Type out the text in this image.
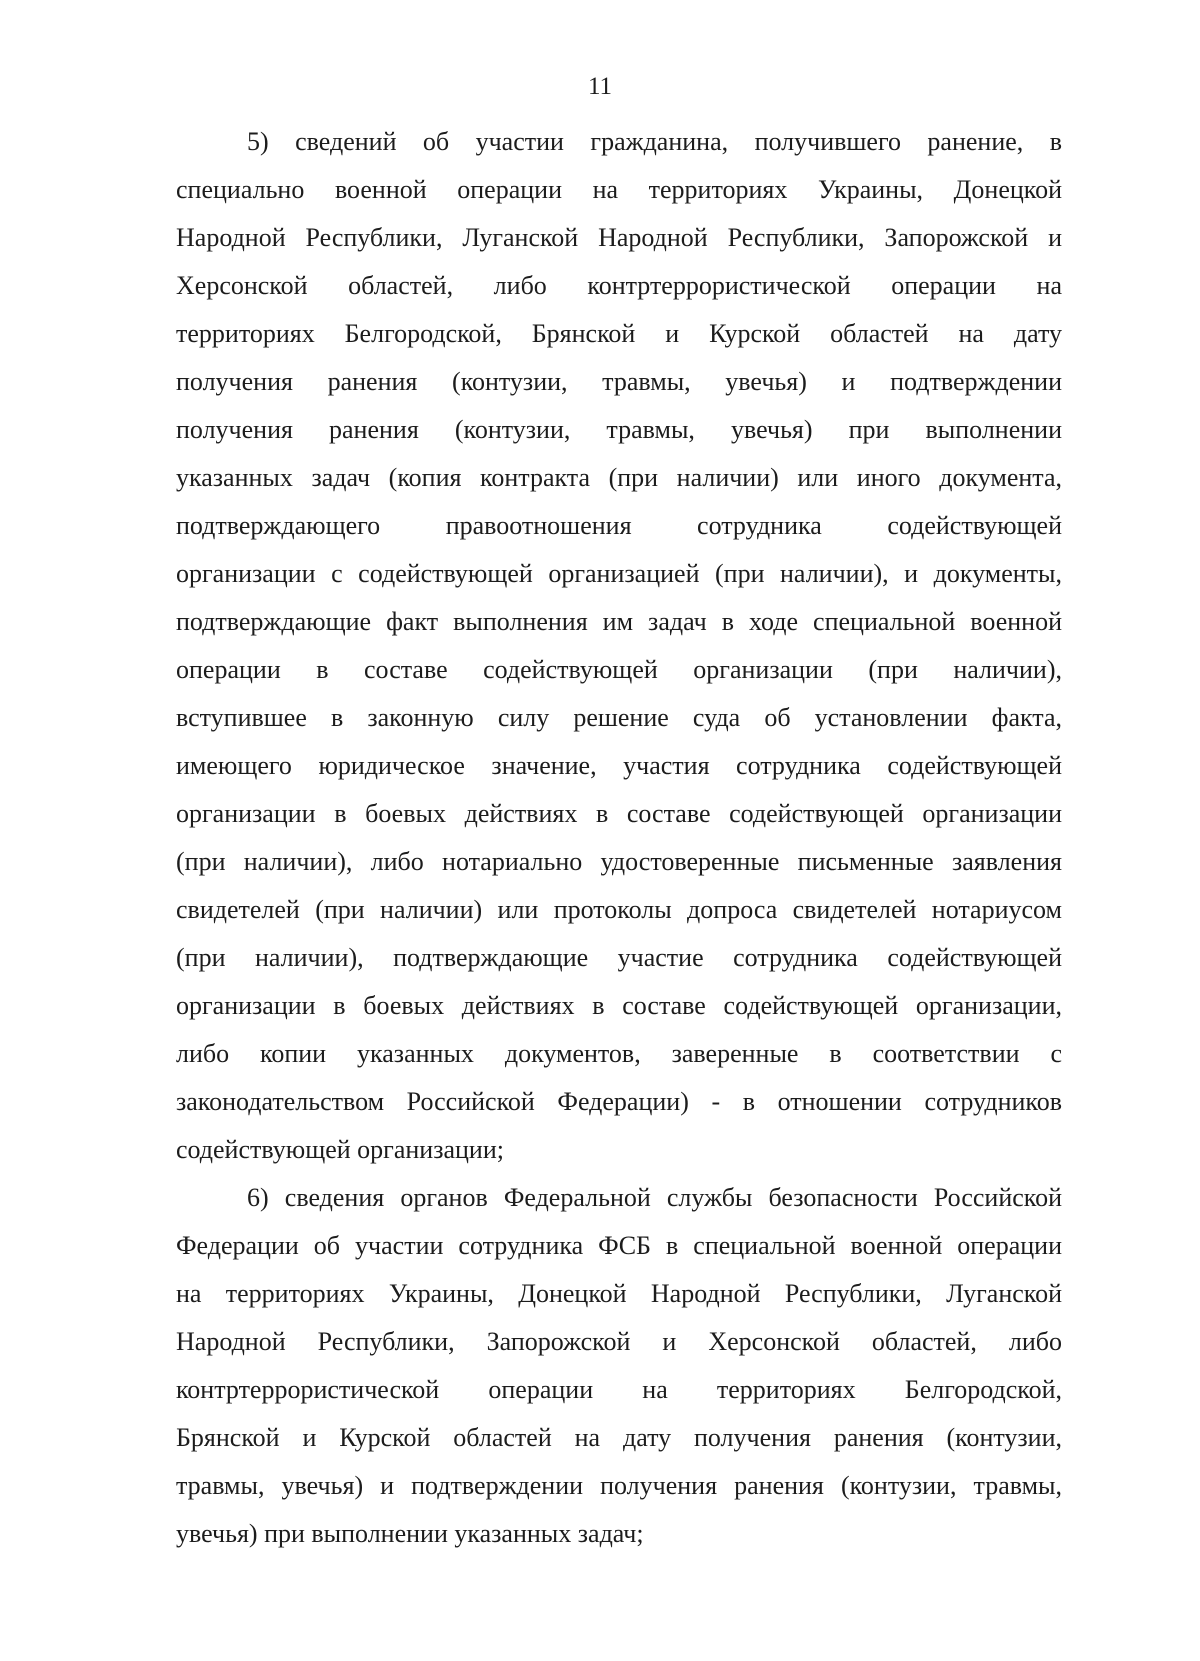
11
5) сведений об участии гражданина, получившего ранение, в
специально военной операции на территориях Украины, Донецкой
Народной Республики, Луганской Народной Республики, Запорожской и
Херсонской областей, либо контртеррористической операции на
территориях Белгородской, Брянской и Курской областей на дату
получения ранения (контузии, травмы, увечья) и подтверждении
получения ранения (контузии, травмы, увечья) при выполнении
указанных задач (копия контракта (при наличии) или иного документа,
подтверждающего правоотношения сотрудника содействующей
организации с содействующей организацией (при наличии), и документы,
подтверждающие факт выполнения им задач в ходе специальной военной
операции в составе содействующей организации (при наличии),
вступившее в законную силу решение суда об установлении факта,
имеющего юридическое значение, участия сотрудника содействующей
организации в боевых действиях в составе содействующей организации
(при наличии), либо нотариально удостоверенные письменные заявления
свидетелей (при наличии) или протоколы допроса свидетелей нотариусом
(при наличии), подтверждающие участие сотрудника содействующей
организации в боевых действиях в составе содействующей организации,
либо копии указанных документов, заверенные в соответствии с
законодательством Российской Федерации) - в отношении сотрудников
содействующей организации;
6) сведения органов Федеральной службы безопасности Российской
Федерации об участии сотрудника ФСБ в специальной военной операции
на территориях Украины, Донецкой Народной Республики, Луганской
Народной Республики, Запорожской и Херсонской областей, либо
контртеррористической операции на территориях Белгородской,
Брянской и Курской областей на дату получения ранения (контузии,
травмы, увечья) и подтверждении получения ранения (контузии, травмы,
увечья) при выполнении указанных задач;
